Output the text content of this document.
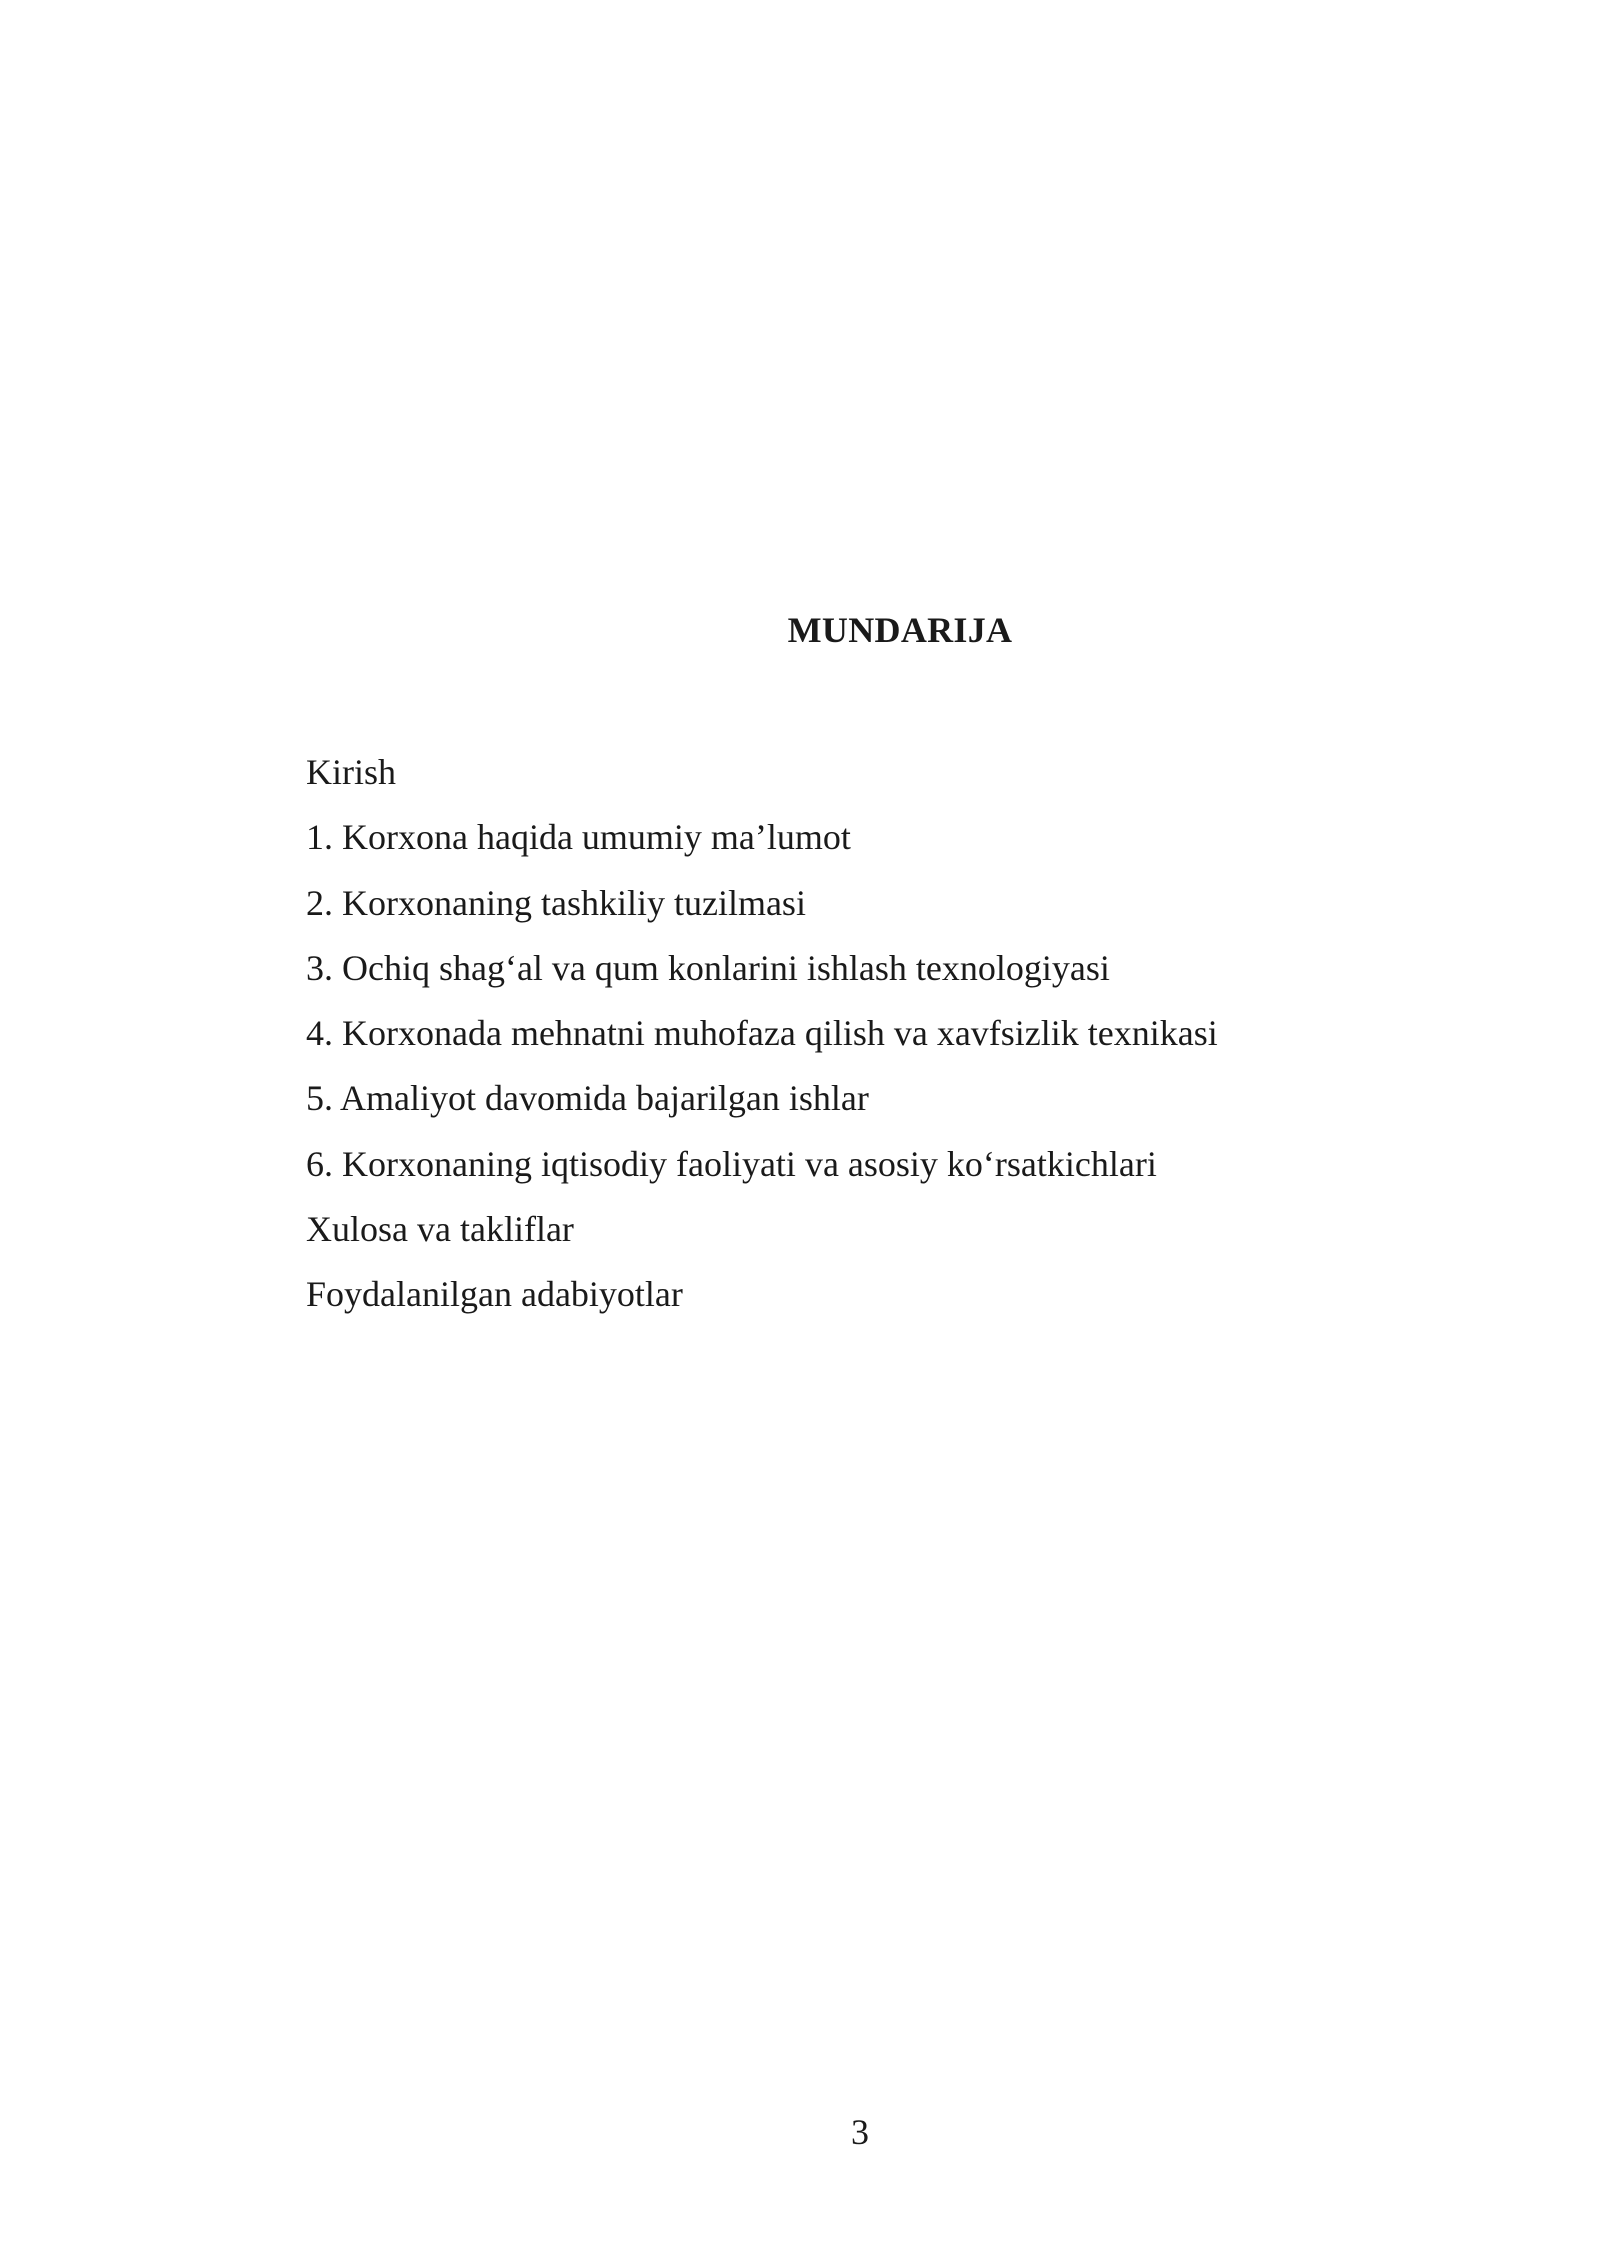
MUNDARIJA
Kirish
1. Korxona haqida umumiy ma’lumot
2. Korxonaning tashkiliy tuzilmasi
3. Ochiq shag‘al va qum konlarini ishlash texnologiyasi
4. Korxonada mehnatni muhofaza qilish va xavfsizlik texnikasi
5. Amaliyot davomida bajarilgan ishlar
6. Korxonaning iqtisodiy faoliyati va asosiy ko‘rsatkichlari
Xulosa va takliflar
Foydalanilgan adabiyotlar
3
